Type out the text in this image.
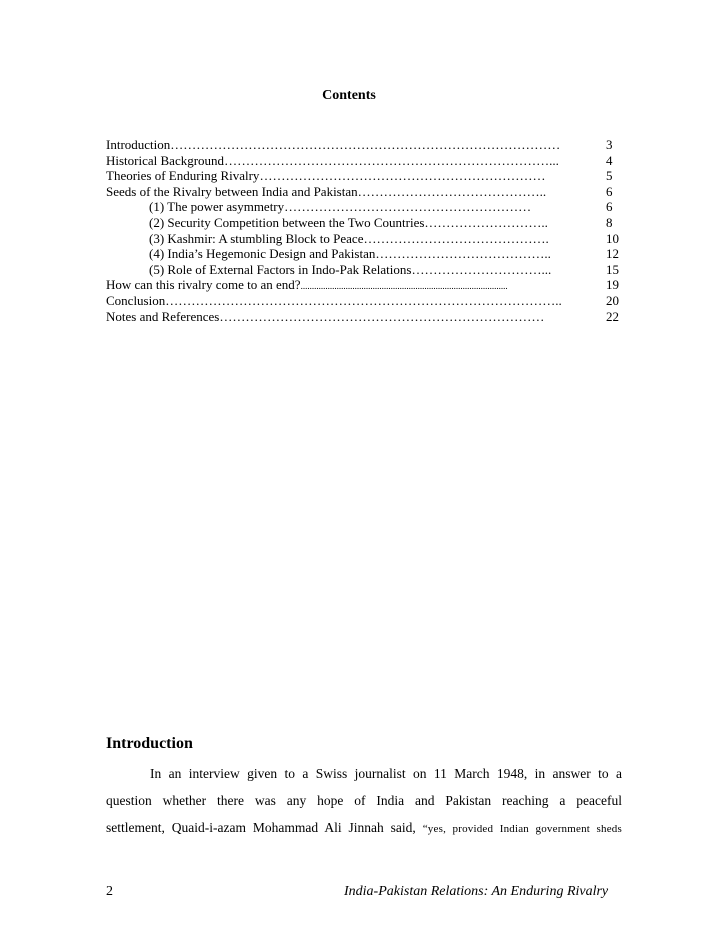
Contents
Introduction………………………………………………………………………………	3
Historical Background…………………………………………………………………...	4
Theories of Enduring Rivalry…………………………………………………………	5
Seeds of the Rivalry between India and Pakistan……………………………………..	6
(1) The power asymmetry…………………………………………………	6
(2) Security Competition between the Two Countries………………………..	8
(3) Kashmir: A stumbling Block to Peace…………………………………….	10
(4) India’s Hegemonic Design and Pakistan…………………………………..	12
(5) Role of External Factors in Indo-Pak Relations…………………………...	15
How can this rivalry come to an end?............................................................................................	19
Conclusion………………………………………………………………………………..	20
Notes and References…………………………………………………………………	22
Introduction
In an interview given to a Swiss journalist on 11 March 1948, in answer to a
question whether there was any hope of India and Pakistan reaching a peaceful
settlement, Quaid-i-azam Mohammad Ali Jinnah said, “yes, provided Indian government sheds
2	India-Pakistan Relations: An Enduring Rivalry
